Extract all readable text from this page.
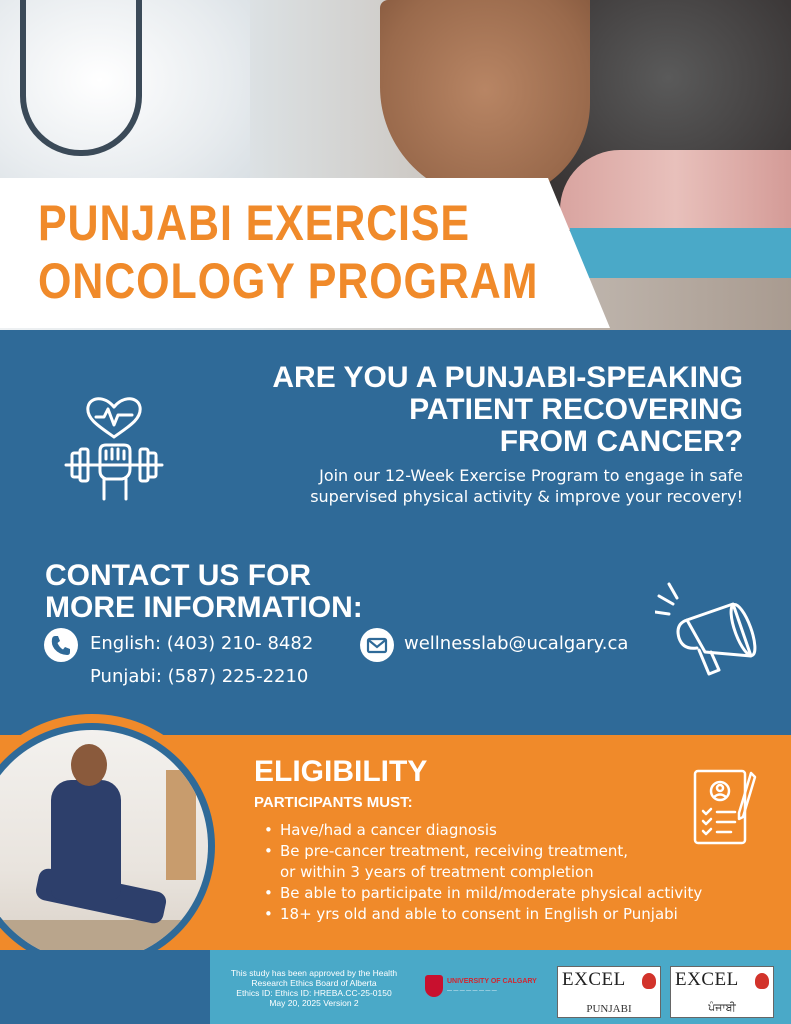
PUNJABI EXERCISE
ONCOLOGY PROGRAM
ARE YOU A PUNJABI-SPEAKING
PATIENT RECOVERING
FROM CANCER?

Join our 12-Week Exercise Program to engage in safe
supervised physical activity & improve your recovery!

CONTACT US FOR
MORE INFORMATION:
English: (403) 210- 8482
Punjabi: (587) 225-2210
wellnesslab@ucalgary.ca
ELIGIBILITY

PARTICIPANTS MUST:

• Have/had a cancer diagnosis
• Be pre-cancer treatment, receiving treatment,
or within 3 years of treatment completion
• Be able to participate in mild/moderate physical activity
• 18+ yrs old and able to consent in English or Punjabi

This study has been approved by the Health
Research Ethics Board of Alberta
Ethics ID: Ethics ID: HREBA.CC-25-0150
May 20, 2025 Version 2

UNIVERSITY OF CALGARY
— — — — — — — —
EXCEL
PUNJABI
EXCEL
ਪੰਜਾਬੀ
